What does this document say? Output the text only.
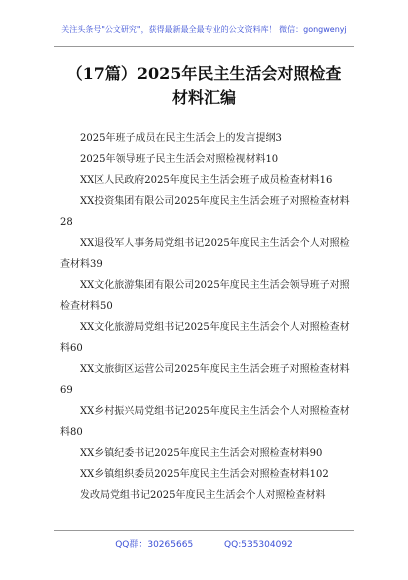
关注头条号"公文研究"，获得最新最全最专业的公文资料库！ 微信：gongwenyj
（17篇）2025年民主生活会对照检查材料汇编
2025年班子成员在民主生活会上的发言提纲3
2025年领导班子民主生活会对照检视材料10
XX区人民政府2025年度民主生活会班子成员检查材料16
XX投资集团有限公司2025年度民主生活会班子对照检查材料28
XX退役军人事务局党组书记2025年度民主生活会个人对照检查材料39
XX文化旅游集团有限公司2025年度民主生活会领导班子对照检查材料50
XX文化旅游局党组书记2025年度民主生活会个人对照检查材料60
XX文旅街区运营公司2025年度民主生活会班子对照检查材料69
XX乡村振兴局党组书记2025年度民主生活会个人对照检查材料80
XX乡镇纪委书记2025年度民主生活会对照检查材料90
XX乡镇组织委员2025年度民主生活会对照检查材料102
发改局党组书记2025年度民主生活会个人对照检查材料
QQ群：30265665	QQ:535304092
